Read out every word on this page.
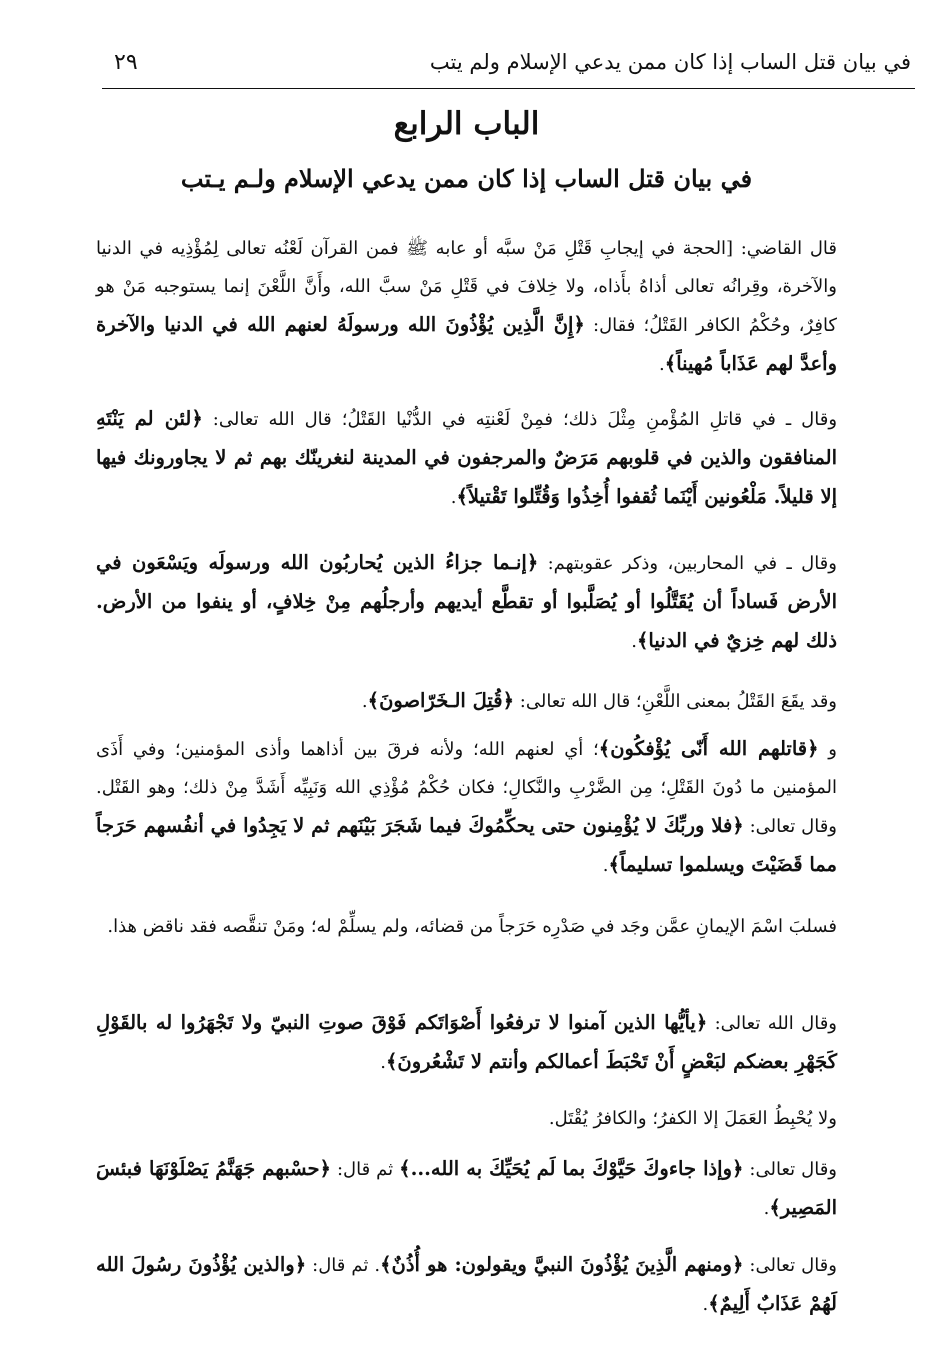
في بيان قتل الساب إذا كان ممن يدعي الإسلام ولم يتب
٢٩
الباب الرابع
في بيان قتل الساب إذا كان ممن يدعي الإسلام ولـم يـتب

قال القاضي: [الحجة في إيجابِ قَتْلِ مَنْ سبَّه أو عابه ﷺ فمن القرآن لَعْنُه تعالى لِمُؤْذِيه في الدنيا والآخرة، وقِرانُه تعالى أذاهُ بأَذاه، ولا خِلافَ في قَتْلِ مَنْ سبَّ الله، وأَنَّ اللَّعْنَ إنما يستوجبه مَنْ هو كافِرٌ، وحُكْمُ الكافر القَتْلُ؛ فقال: ﴿إِنَّ الَّذِين يُؤْذُونَ الله ورسولَهُ لعنهم الله في الدنيا والآخرة وأعدَّ لهم عَذَاباً مُهيناً﴾.

وقال ـ في قاتلِ المُؤْمنِ مِثْلَ ذلك؛ فمِنْ لَعْنتِه في الدُّنْيا القَتْلُ؛ قال الله تعالى: ﴿لئن لم يَنْتَهِ المنافقون والذين في قلوبهم مَرَضٌ والمرجفون في المدينة لنغرينّك بهم ثم لا يجاورونك فيها إلا قليلاً. مَلْعُونين أَيْنَما ثُقفوا أُخِذُوا وَقُتِّلوا تَقْتيلاً﴾.

وقال ـ في المحاربين، وذكر عقوبتهم: ﴿إنـما جزاءُ الذين يُحاربُون الله ورسولَه ويَسْعَون في الأرض فَساداً أن يُقَتَّلُوا أو يُصَلَّبوا أو تقطَّع أيديهم وأرجلُهم مِنْ خِلافٍ، أو ينفوا من الأرض. ذلك لهم خِزيٌ في الدنيا﴾.

وقد يقَعَ القَتْلُ بمعنى اللَّعْنِ؛ قال الله تعالى: ﴿قُتِلَ الـخَرّاصونَ﴾.

و ﴿قاتلهم الله أَنّى يُؤْفكُون﴾؛ أي لعنهم الله؛ ولأنه فرقَ بين أذاهما وأذى المؤمنين؛ وفي أَذَى المؤمنين ما دُونَ القَتْلِ؛ مِن الضَّرْبِ والنَّكالِ؛ فكان حُكْمُ مُؤْذِي الله وَنَبِيِّه أَشَدَّ مِنْ ذلك؛ وهو القَتْل. وقال تعالى: ﴿فلا وربِّكَ لا يُؤْمِنون حتى يحكِّمُوكَ فيما شَجَرَ بَيْنَهم ثم لا يَجِدُوا في أنفُسهم حَرَجاً مما قَضَيْتَ ويسلموا تسليماً﴾.

فسلبَ اسْمَ الإيمانِ عمَّن وجَد في صَدْرِه حَرَجاً من قضائه، ولم يسلِّمْ له؛ ومَنْ تنقَّصه فقد ناقض هذا.

وقال الله تعالى: ﴿يأيُّها الذين آمنوا لا ترفعُوا أَصْوَاتَكم فَوْقَ صوتِ النبيّ ولا تَجْهَرُوا له بالقَوْلِ كَجَهْرِ بعضكم لبَعْضٍ أَنْ تَحْبَطَ أعمالكم وأنتم لا تَشْعُرونَ﴾.

ولا يُحْبِطُ العَمَلَ إلا الكفرُ؛ والكافرُ يُقْتَل.

وقال تعالى: ﴿وإذا جاءوكَ حَيَّوْكَ بما لَم يُحَيِّكَ به الله...﴾ ثم قال: ﴿حسْبهم جَهَنَّمُ يَصْلَوْنَهَا فبئسَ المَصِير﴾.

وقال تعالى: ﴿ومنهم الَّذِينَ يُؤْذُونَ النبيَّ ويقولون: هو أُذُنٌ﴾. ثم قال: ﴿والذين يُؤْذُونَ رسُولَ الله لَهُمْ عَذَابٌ أَلِيمٌ﴾.
